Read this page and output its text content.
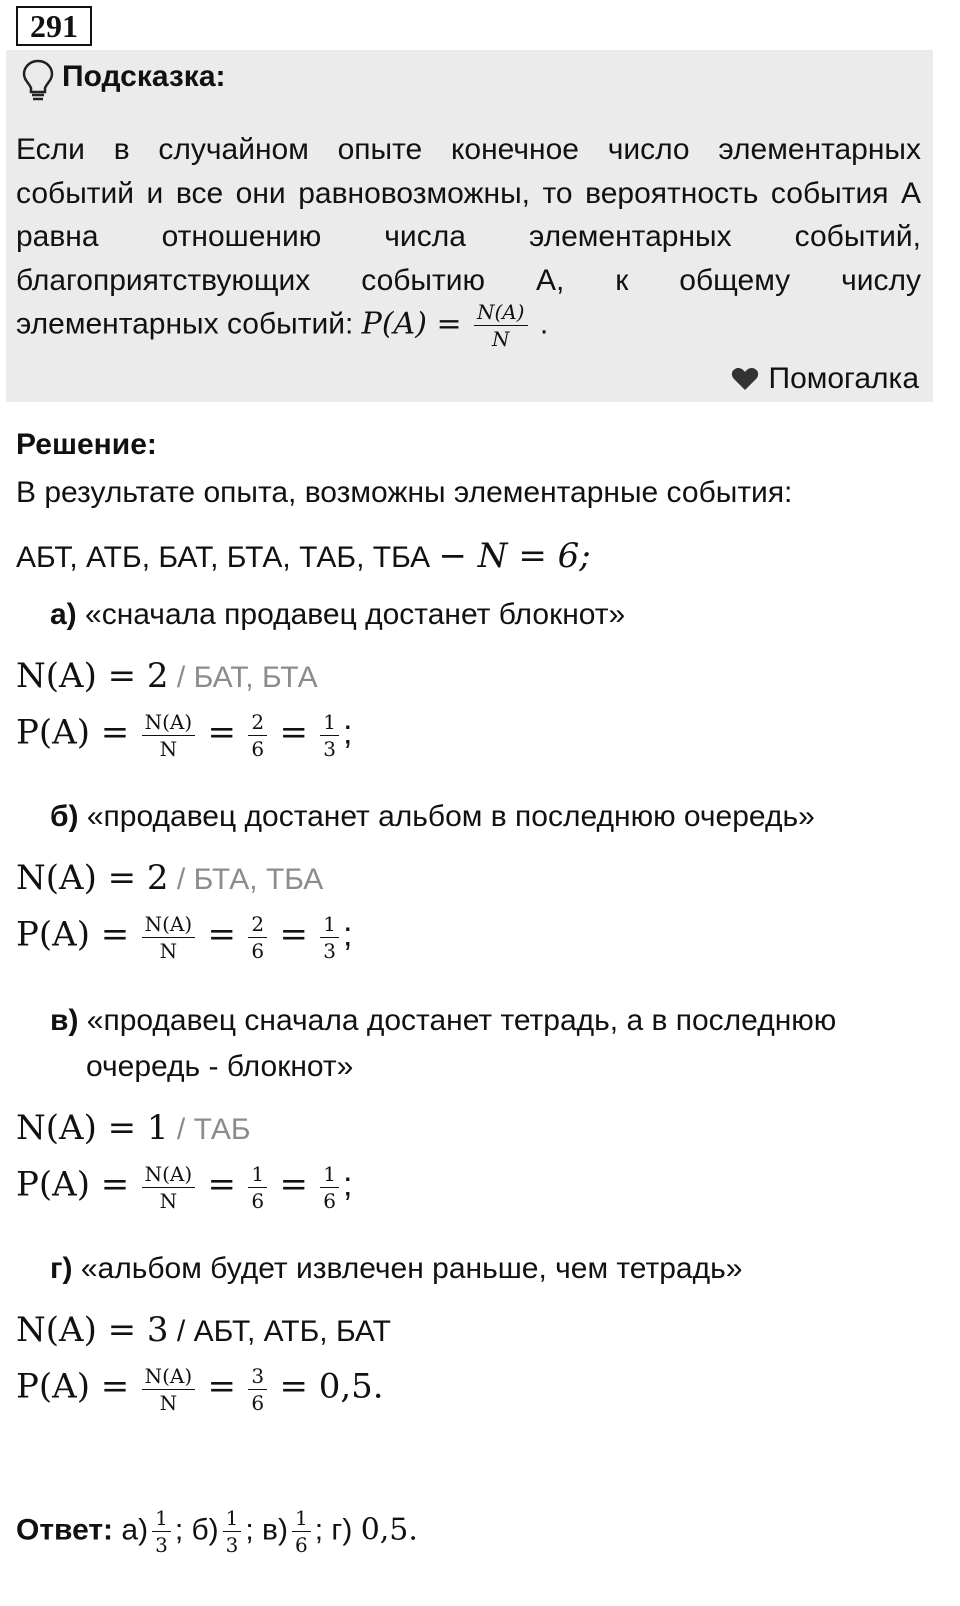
291
Подсказка:
Если в случайном опыте конечное число элементарных событий и все они равновозможны, то вероятность события А равна отношению числа элементарных событий, благоприятствующих событию А, к общему числу
элементарных событий: $P(A) = \frac{N(A)}{N}$ .
Помогалка
Решение:
В результате опыта, возможны элементарные события:
АБТ, АТБ, БАТ, БТА, ТАБ, ТБА − N = 6;
а) «сначала продавец достанет блокнот»
N(A) = 2 / БАТ, БТА
$P(A) = \frac{N(A)}{N} = \frac{2}{6} = \frac{1}{3}$ ;
б) «продавец достанет альбом в последнюю очередь»
N(A) = 2 / БТА, ТБА
$P(A) = \frac{N(A)}{N} = \frac{2}{6} = \frac{1}{3}$ ;
в) «продавец сначала достанет тетрадь, а в последнюю
очередь - блокнот»
N(A) = 1 / ТАБ
$P(A) = \frac{N(A)}{N} = \frac{1}{6} = \frac{1}{6}$ ;
г) «альбом будет извлечен раньше, чем тетрадь»
N(A) = 3 / АБТ, АТБ, БАТ
$P(A) = \frac{N(A)}{N} = \frac{3}{6} = 0,5$.
Ответ: $а) \frac{1}{3}$ ; $б) \frac{1}{3}$ ; $в) \frac{1}{6}$ ; г) 0,5.
